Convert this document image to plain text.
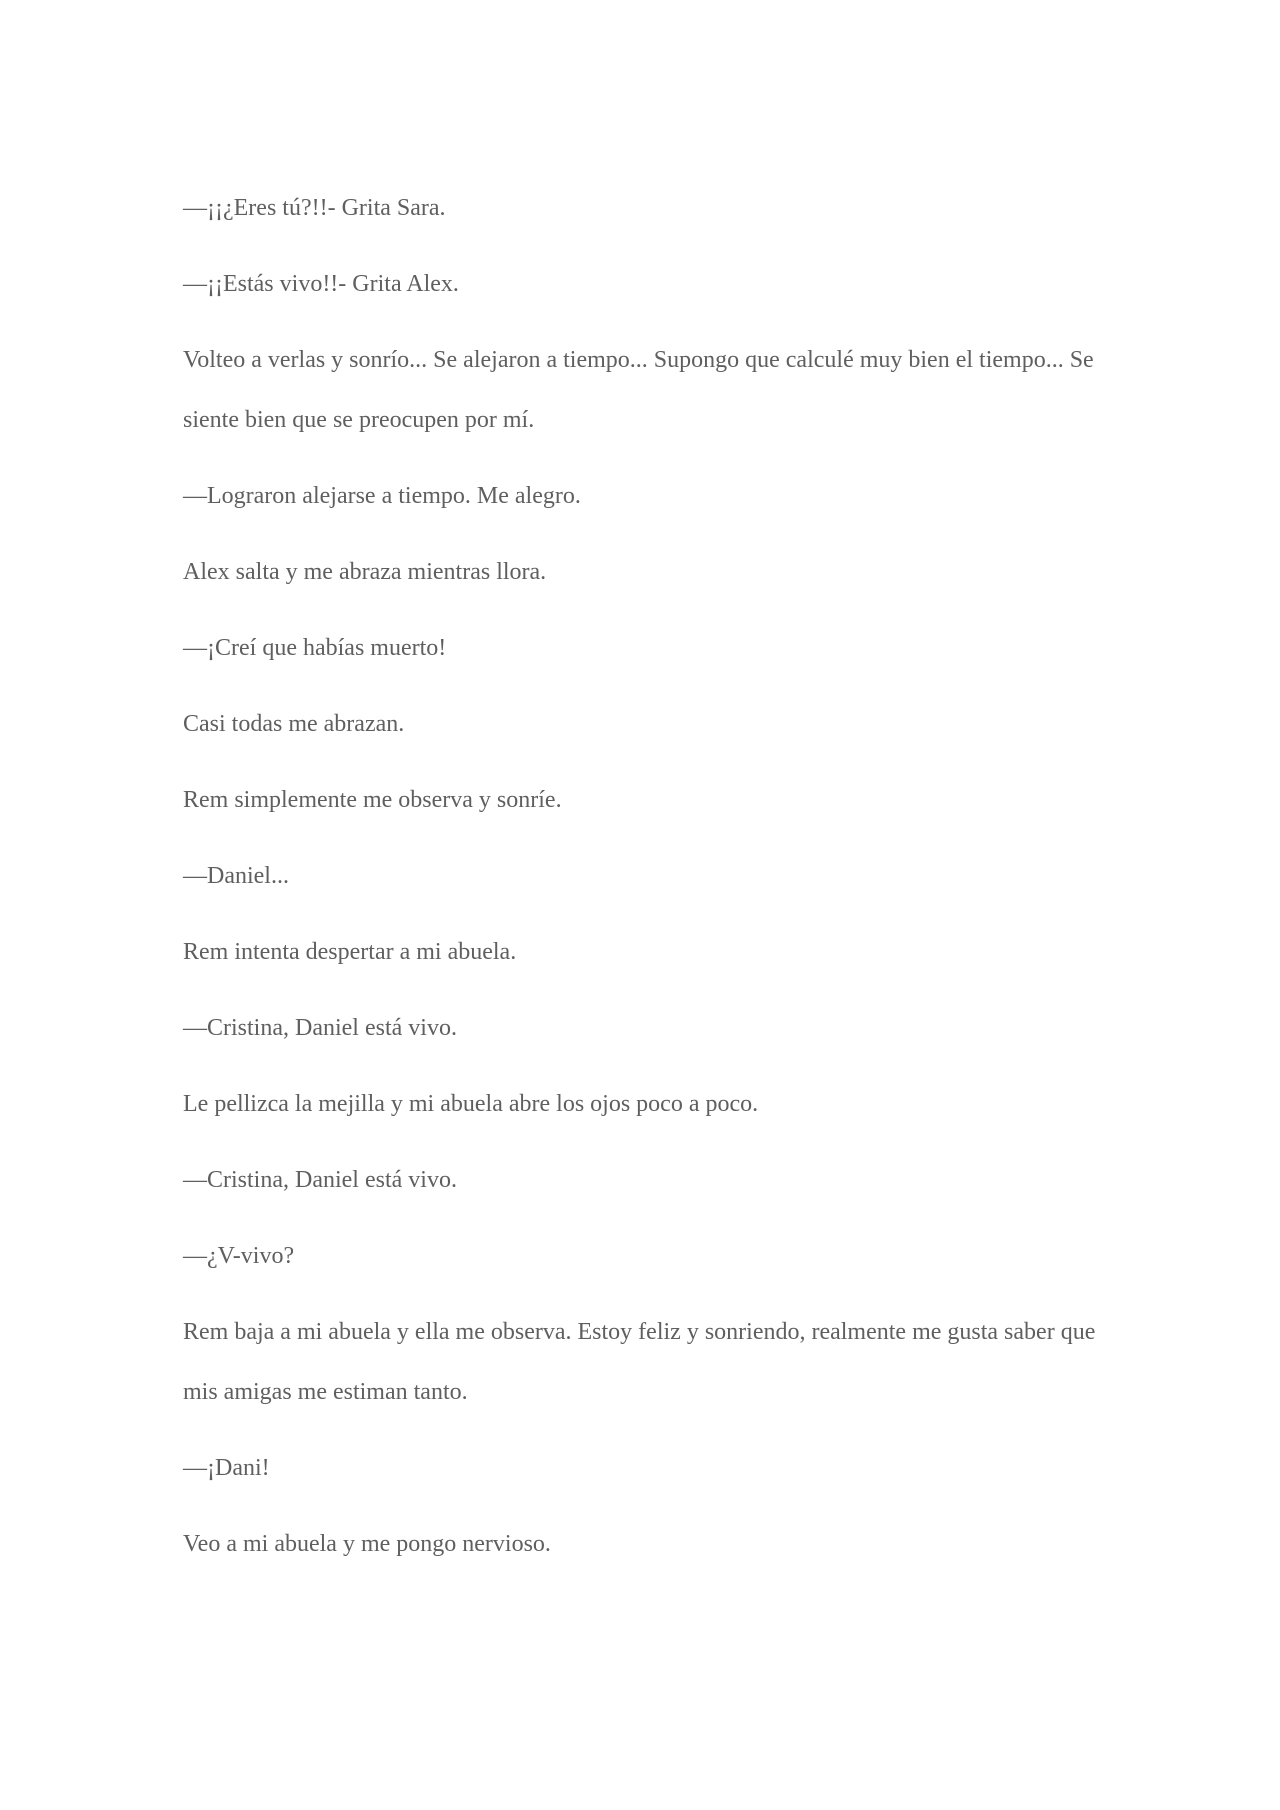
—¡¡¿Eres tú?!!- Grita Sara.

—¡¡Estás vivo!!- Grita Alex.

Volteo a verlas y sonrío... Se alejaron a tiempo... Supongo que calculé muy bien el tiempo... Se siente bien que se preocupen por mí.

—Lograron alejarse a tiempo. Me alegro.

Alex salta y me abraza mientras llora.

—¡Creí que habías muerto!

Casi todas me abrazan.

Rem simplemente me observa y sonríe.

—Daniel...

Rem intenta despertar a mi abuela.

—Cristina, Daniel está vivo.

Le pellizca la mejilla y mi abuela abre los ojos poco a poco.

—Cristina, Daniel está vivo.

—¿V-vivo?

Rem baja a mi abuela y ella me observa. Estoy feliz y sonriendo, realmente me gusta saber que mis amigas me estiman tanto.

—¡Dani!

Veo a mi abuela y me pongo nervioso.
